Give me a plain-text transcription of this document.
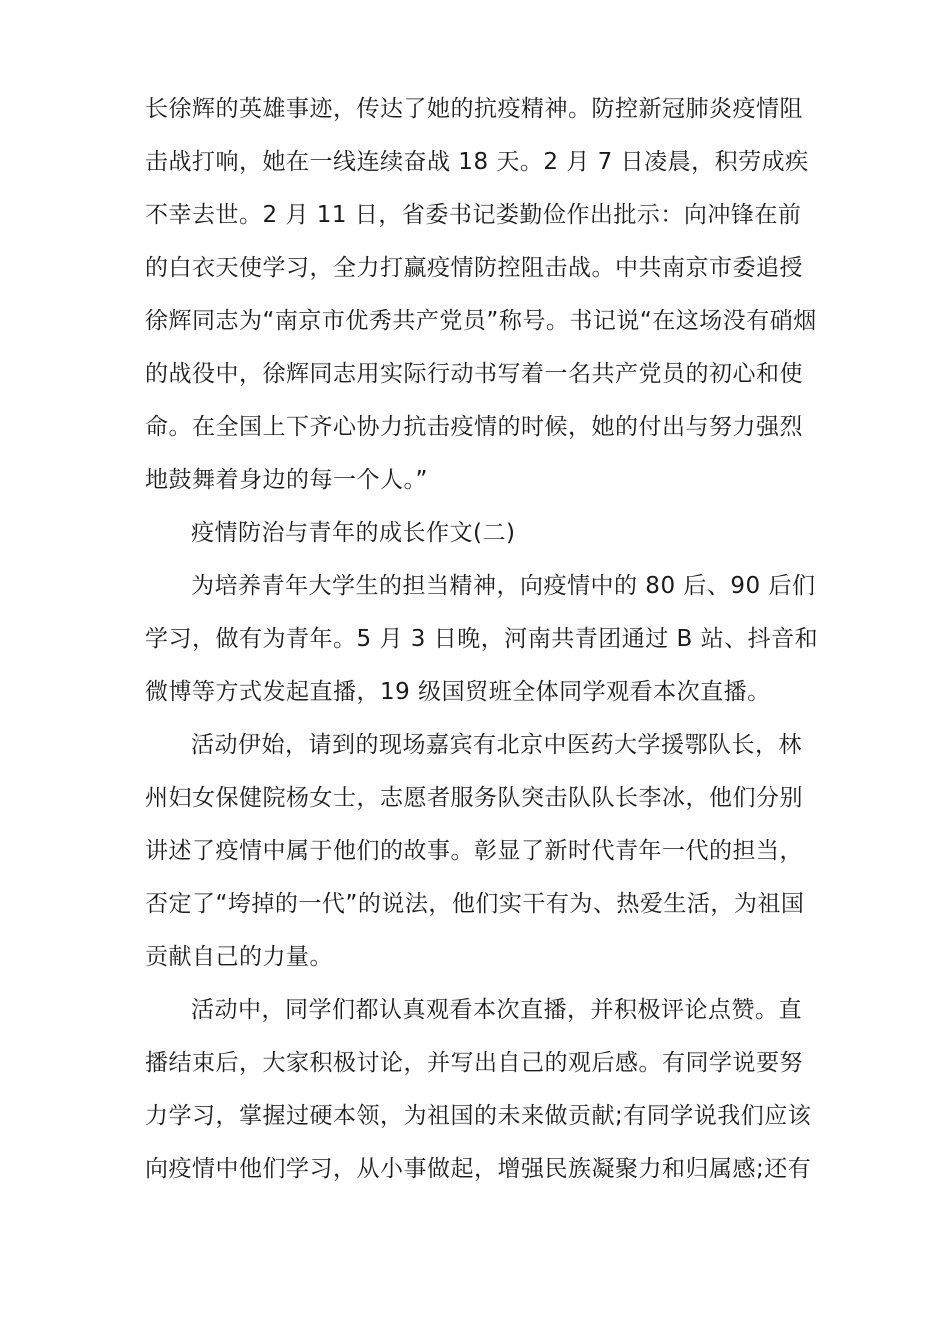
长徐辉的英雄事迹，传达了她的抗疫精神。防控新冠肺炎疫情阻
击战打响，她在一线连续奋战 18 天。2 月 7 日凌晨，积劳成疾
不幸去世。2 月 11 日，省委书记娄勤俭作出批示：向冲锋在前
的白衣天使学习，全力打赢疫情防控阻击战。中共南京市委追授
徐辉同志为“南京市优秀共产党员”称号。书记说“在这场没有硝烟
的战役中，徐辉同志用实际行动书写着一名共产党员的初心和使
命。在全国上下齐心协力抗击疫情的时候，她的付出与努力强烈
地鼓舞着身边的每一个人。”
疫情防治与青年的成长作文(二)
为培养青年大学生的担当精神，向疫情中的 80 后、90 后们
学习，做有为青年。5 月 3 日晚，河南共青团通过 B 站、抖音和
微博等方式发起直播，19 级国贸班全体同学观看本次直播。
活动伊始，请到的现场嘉宾有北京中医药大学援鄂队长，林
州妇女保健院杨女士，志愿者服务队突击队队长李冰，他们分别
讲述了疫情中属于他们的故事。彰显了新时代青年一代的担当，
否定了“垮掉的一代”的说法，他们实干有为、热爱生活，为祖国
贡献自己的力量。
活动中，同学们都认真观看本次直播，并积极评论点赞。直
播结束后，大家积极讨论，并写出自己的观后感。有同学说要努
力学习，掌握过硬本领，为祖国的未来做贡献;有同学说我们应该
向疫情中他们学习，从小事做起，增强民族凝聚力和归属感;还有
